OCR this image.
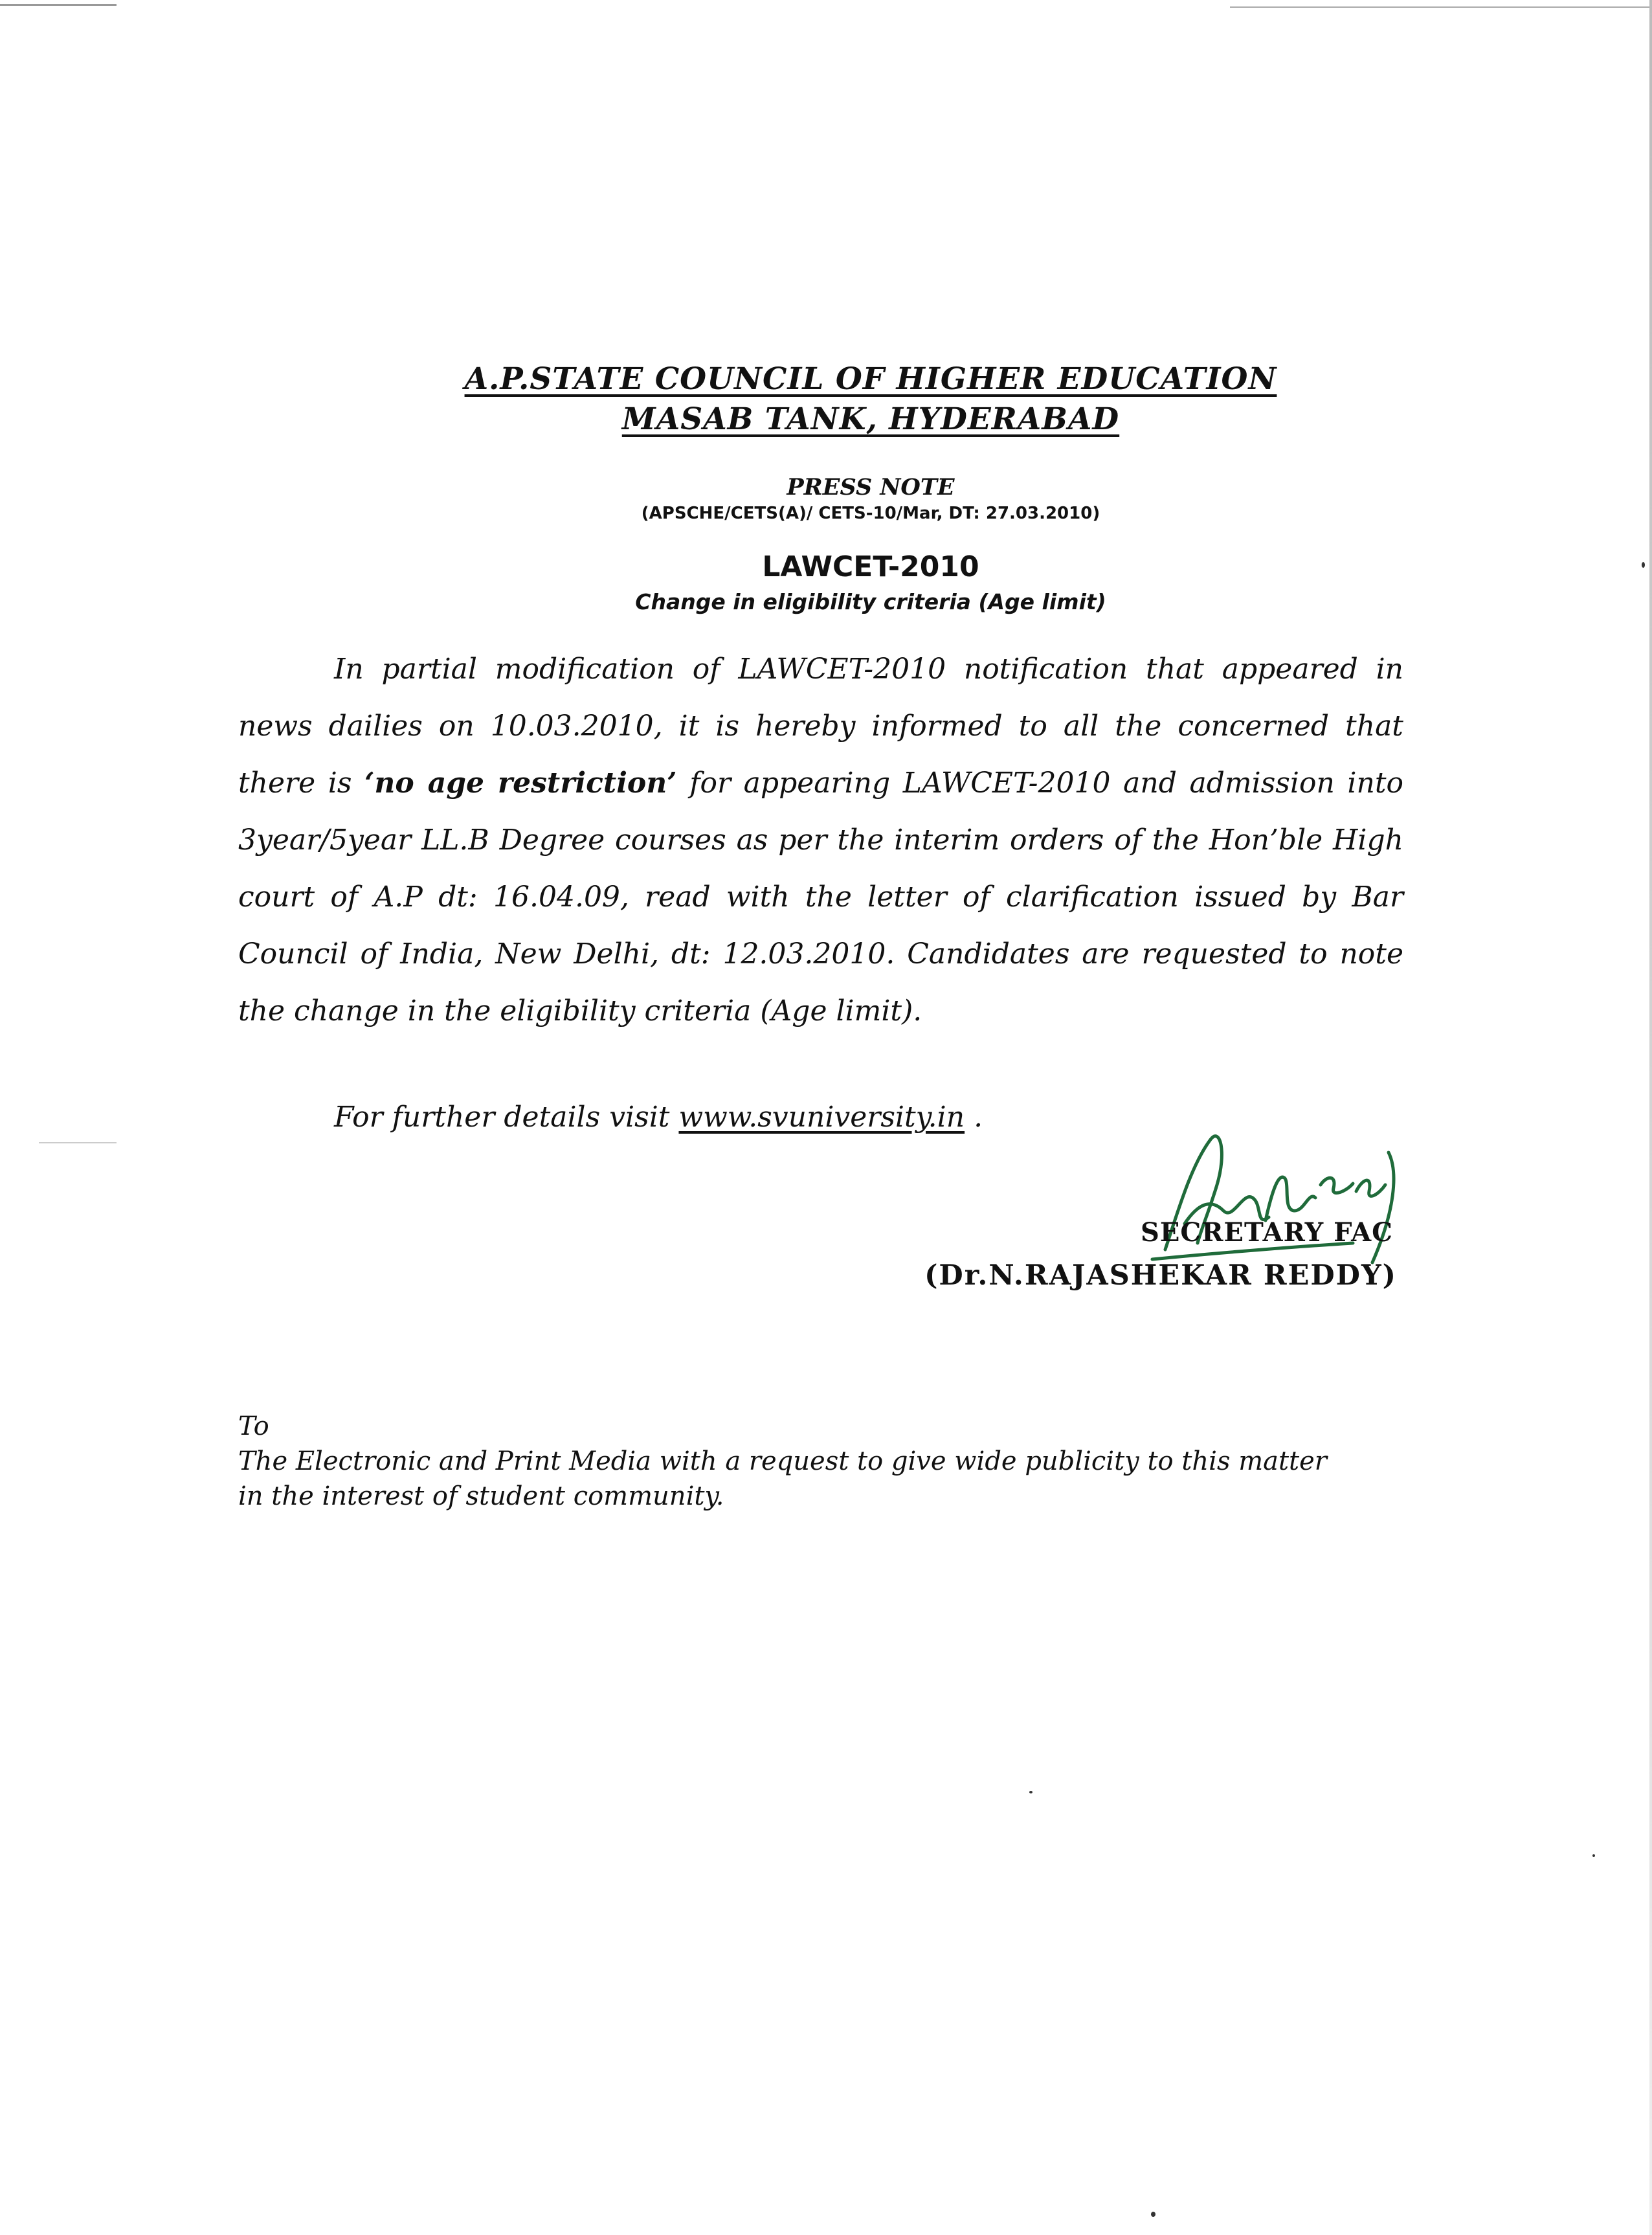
A.P.STATE COUNCIL OF HIGHER EDUCATION
MASAB TANK, HYDERABAD
PRESS NOTE
(APSCHE/CETS(A)/ CETS-10/Mar, DT: 27.03.2010)
LAWCET-2010
Change in eligibility criteria (Age limit)

In partial modification of LAWCET-2010 notification that appeared in news dailies on 10.03.2010, it is hereby informed to all the concerned that there is ‘no age restriction’ for appearing LAWCET-2010 and admission into 3year/5year LL.B Degree courses as per the interim orders of the Hon’ble High court of A.P dt: 16.04.09, read with the letter of clarification issued by Bar Council of India, New Delhi, dt: 12.03.2010. Candidates are requested to note the change in the eligibility criteria (Age limit).

For further details visit www.svuniversity.in .
SECRETARY FAC
(Dr.N.RAJASHEKAR REDDY)
To
The Electronic and Print Media with a request to give wide publicity to this matter
in the interest of student community.
